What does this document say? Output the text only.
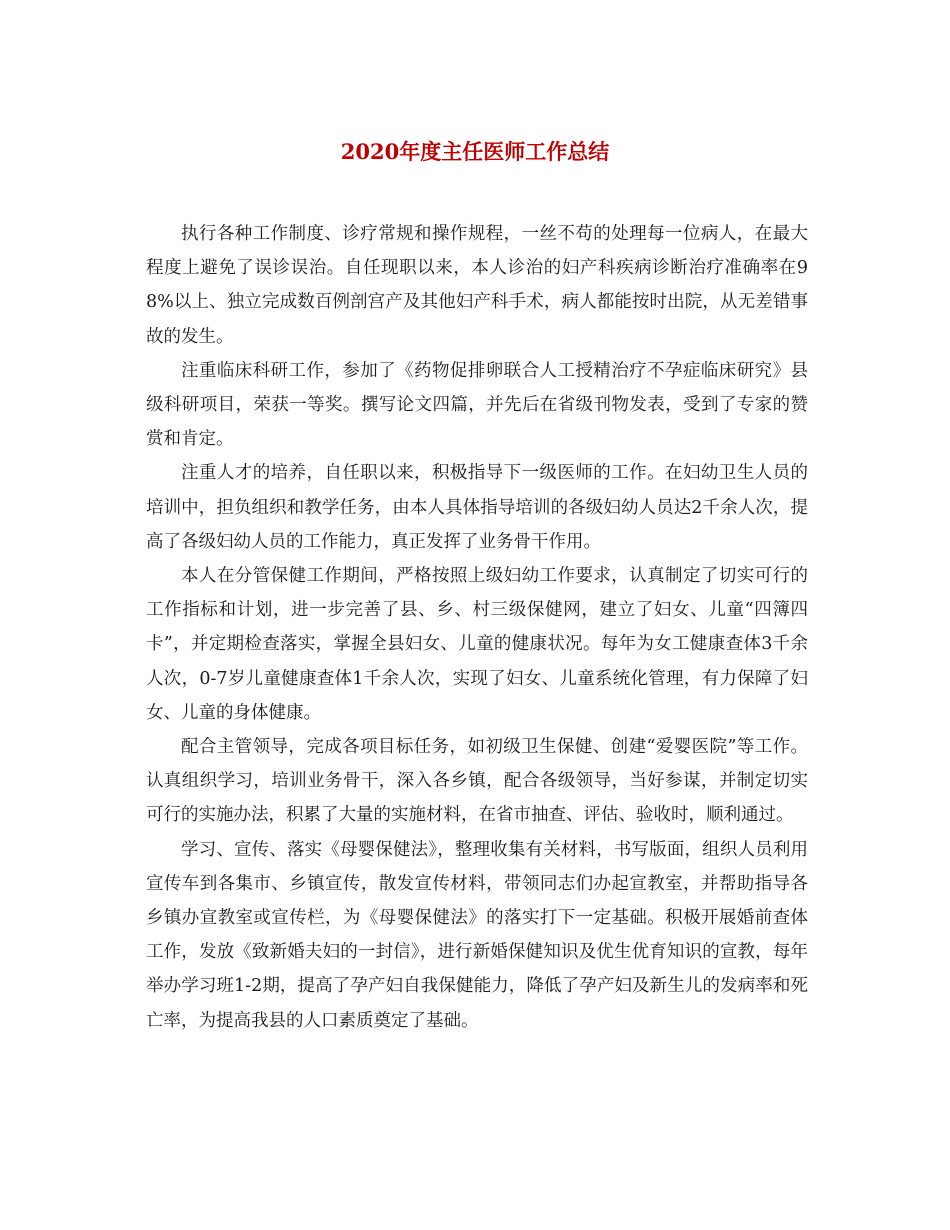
2020年度主任医师工作总结

执行各种工作制度、诊疗常规和操作规程，一丝不苟的处理每一位病人，在最大程度上避免了误诊误治。自任现职以来，本人诊治的妇产科疾病诊断治疗准确率在98%以上、独立完成数百例剖宫产及其他妇产科手术，病人都能按时出院，从无差错事故的发生。

注重临床科研工作，参加了《药物促排卵联合人工授精治疗不孕症临床研究》县级科研项目，荣获一等奖。撰写论文四篇，并先后在省级刊物发表，受到了专家的赞赏和肯定。

注重人才的培养，自任职以来，积极指导下一级医师的工作。在妇幼卫生人员的培训中，担负组织和教学任务，由本人具体指导培训的各级妇幼人员达2千余人次，提高了各级妇幼人员的工作能力，真正发挥了业务骨干作用。

本人在分管保健工作期间，严格按照上级妇幼工作要求，认真制定了切实可行的工作指标和计划，进一步完善了县、乡、村三级保健网，建立了妇女、儿童“四簿四卡”，并定期检查落实，掌握全县妇女、儿童的健康状况。每年为女工健康查体3千余人次，0-7岁儿童健康查体1千余人次，实现了妇女、儿童系统化管理，有力保障了妇女、儿童的身体健康。

配合主管领导，完成各项目标任务，如初级卫生保健、创建“爱婴医院”等工作。认真组织学习，培训业务骨干，深入各乡镇，配合各级领导，当好参谋，并制定切实可行的实施办法，积累了大量的实施材料，在省市抽查、评估、验收时，顺利通过。

学习、宣传、落实《母婴保健法》，整理收集有关材料，书写版面，组织人员利用宣传车到各集市、乡镇宣传，散发宣传材料，带领同志们办起宣教室，并帮助指导各乡镇办宣教室或宣传栏，为《母婴保健法》的落实打下一定基础。积极开展婚前查体工作，发放《致新婚夫妇的一封信》，进行新婚保健知识及优生优育知识的宣教，每年举办学习班1-2期，提高了孕产妇自我保健能力，降低了孕产妇及新生儿的发病率和死亡率，为提高我县的人口素质奠定了基础。
